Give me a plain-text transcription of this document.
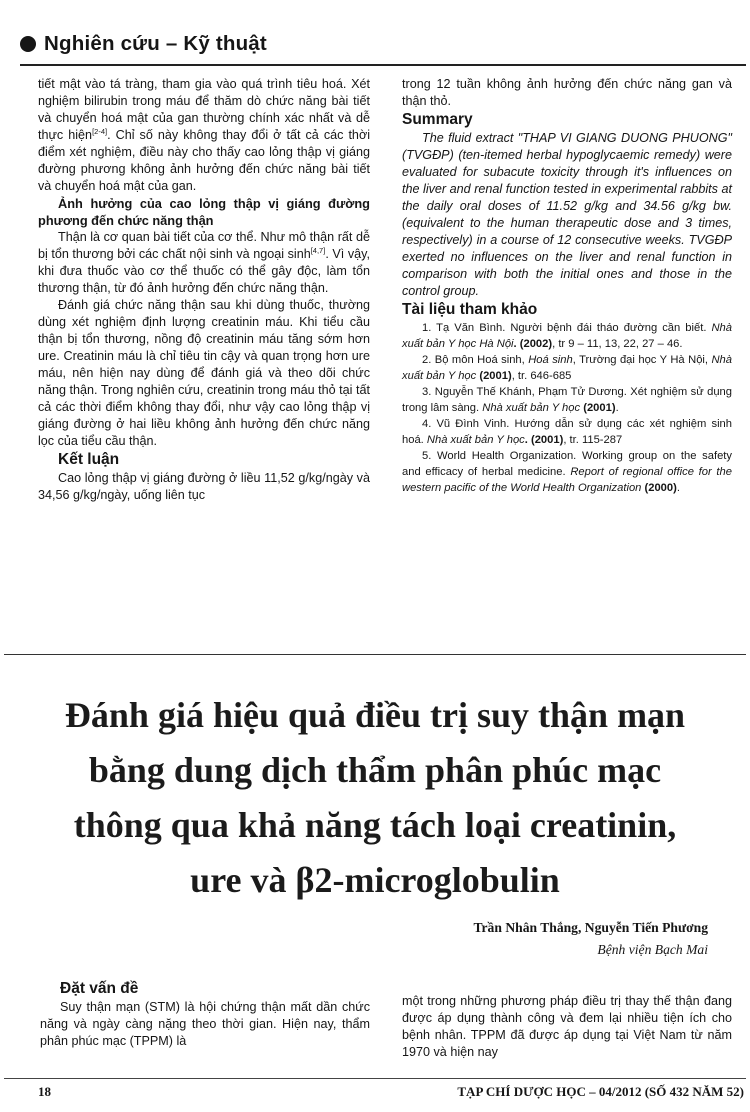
Nghiên cứu – Kỹ thuật

tiết mật vào tá tràng, tham gia vào quá trình tiêu hoá. Xét nghiệm bilirubin trong máu để thăm dò chức năng bài tiết và chuyển hoá mật của gan thường chính xác nhất và dễ thực hiện[2-4]. Chỉ số này không thay đổi ở tất cả các thời điểm xét nghiệm, điều này cho thấy cao lỏng thập vị giáng đường phương không ảnh hưởng đến chức năng bài tiết và chuyển hoá mật của gan.

Ảnh hưởng của cao lỏng thập vị giáng đường phương đến chức năng thận

Thận là cơ quan bài tiết của cơ thể. Như mô thận rất dễ bị tổn thương bởi các chất nội sinh và ngoại sinh[4,7]. Vì vậy, khi đưa thuốc vào cơ thể thuốc có thể gây độc, làm tổn thương thận, từ đó ảnh hưởng đến chức năng thận.

Đánh giá chức năng thận sau khi dùng thuốc, thường dùng xét nghiệm định lượng creatinin máu. Khi tiểu cầu thận bị tổn thương, nồng độ creatinin máu tăng sớm hơn ure. Creatinin máu là chỉ tiêu tin cậy và quan trọng hơn ure máu, nên hiện nay dùng để đánh giá và theo dõi chức năng thận. Trong nghiên cứu, creatinin trong máu thỏ tại tất cả các thời điểm không thay đổi, như vậy cao lỏng thập vị giáng đường ở hai liều không ảnh hưởng đến chức năng lọc của tiểu cầu thận.

Kết luận

Cao lỏng thập vị giáng đường ở liều 11,52 g/kg/ngày và 34,56 g/kg/ngày, uống liên tục

trong 12 tuần không ảnh hưởng đến chức năng gan và thận thỏ.

Summary

The fluid extract "THAP VI GIANG DUONG PHUONG" (TVGĐP) (ten-itemed herbal hypoglycaemic remedy) were evaluated for subacute toxicity through it's influences on the liver and renal function tested in experimental rabbits at the daily oral doses of 11.52 g/kg and 34.56 g/kg bw. (equivalent to the human therapeutic dose and 3 times, respectively) in a course of 12 consecutive weeks. TVGĐP exerted no influences on the liver and renal function in comparison with both the initial ones and those in the control group.

Tài liệu tham khảo

1. Tạ Văn Bình. Người bệnh đái tháo đường cần biết. Nhà xuất bản Y học Hà Nội. (2002), tr 9 – 11, 13, 22, 27 – 46.

2. Bộ môn Hoá sinh, Hoá sinh, Trường đại học Y Hà Nội, Nhà xuất bản Y học (2001), tr. 646-685

3. Nguyễn Thế Khánh, Phạm Tử Dương. Xét nghiệm sử dụng trong lâm sàng. Nhà xuất bản Y học (2001).

4. Vũ Đình Vinh. Hướng dẫn sử dụng các xét nghiệm sinh hoá. Nhà xuất bản Y học. (2001), tr. 115-287

5. World Health Organization. Working group on the safety and efficacy of herbal medicine. Report of regional office for the western pacific of the World Health Organization (2000).

Đánh giá hiệu quả điều trị suy thận mạn
bằng dung dịch thẩm phân phúc mạc
thông qua khả năng tách loại creatinin,
ure và β2-microglobulin
Trần Nhân Thắng, Nguyễn Tiến Phương
Bệnh viện Bạch Mai

Đặt vấn đề

Suy thận mạn (STM) là hội chứng thận mất dần chức năng và ngày càng nặng theo thời gian. Hiện nay, thẩm phân phúc mạc (TPPM) là

một trong những phương pháp điều trị thay thế thận đang được áp dụng thành công và đem lại nhiều tiện ích cho bệnh nhân. TPPM đã được áp dụng tại Việt Nam từ năm 1970 và hiện nay

18	TẠP CHÍ DƯỢC HỌC – 04/2012 (SỐ 432 NĂM 52)
